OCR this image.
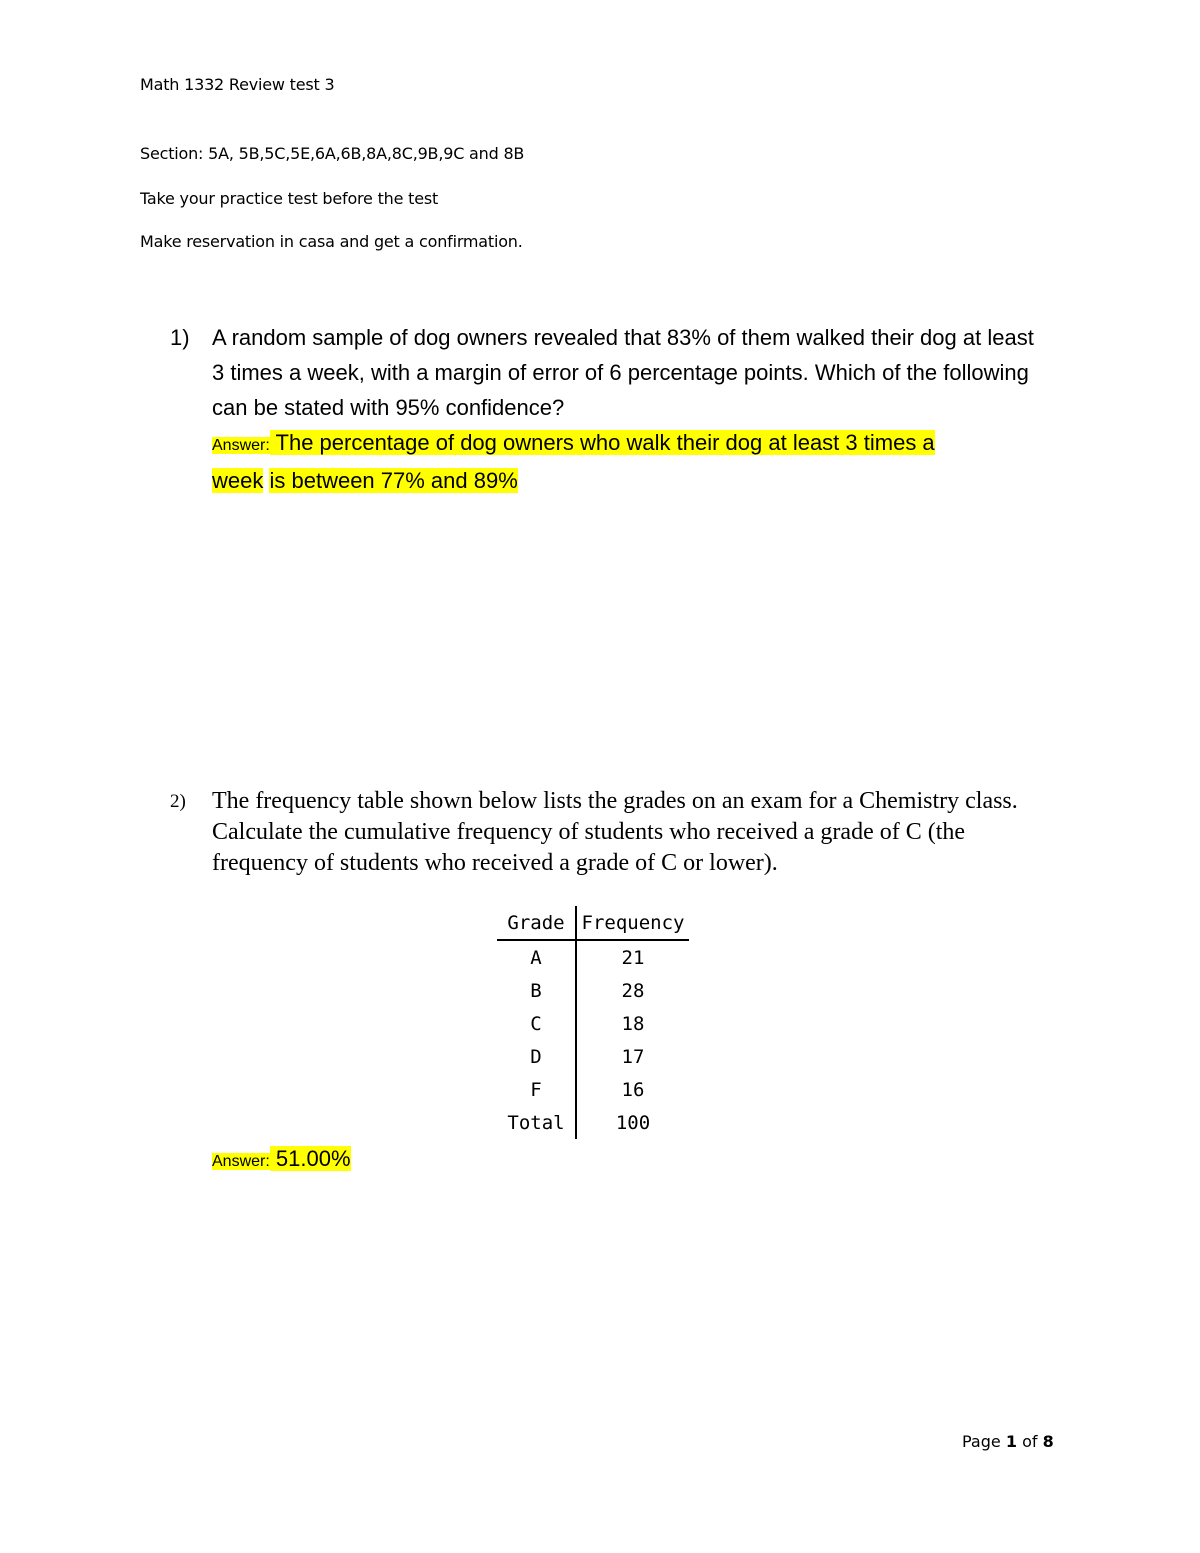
Math 1332 Review test 3
Section: 5A, 5B,5C,5E,6A,6B,8A,8C,9B,9C and 8B
Take your practice test before the test
Make reservation in casa and get a confirmation.
1)	A random sample of dog owners revealed that 83% of them walked their dog at least 3 times a week, with a margin of error of 6 percentage points. Which of the following can be stated with 95% confidence?
Answer: The percentage of dog owners who walk their dog at least 3 times a
week is between 77% and 89%
2)	The frequency table shown below lists the grades on an exam for a Chemistry class. Calculate the cumulative frequency of students who received a grade of C (the frequency of students who received a grade of C or lower).
Grade	Frequency
A	21
B	28
C	18
D	17
F	16
Total	100
Answer: 51.00%
Page 1 of 8
